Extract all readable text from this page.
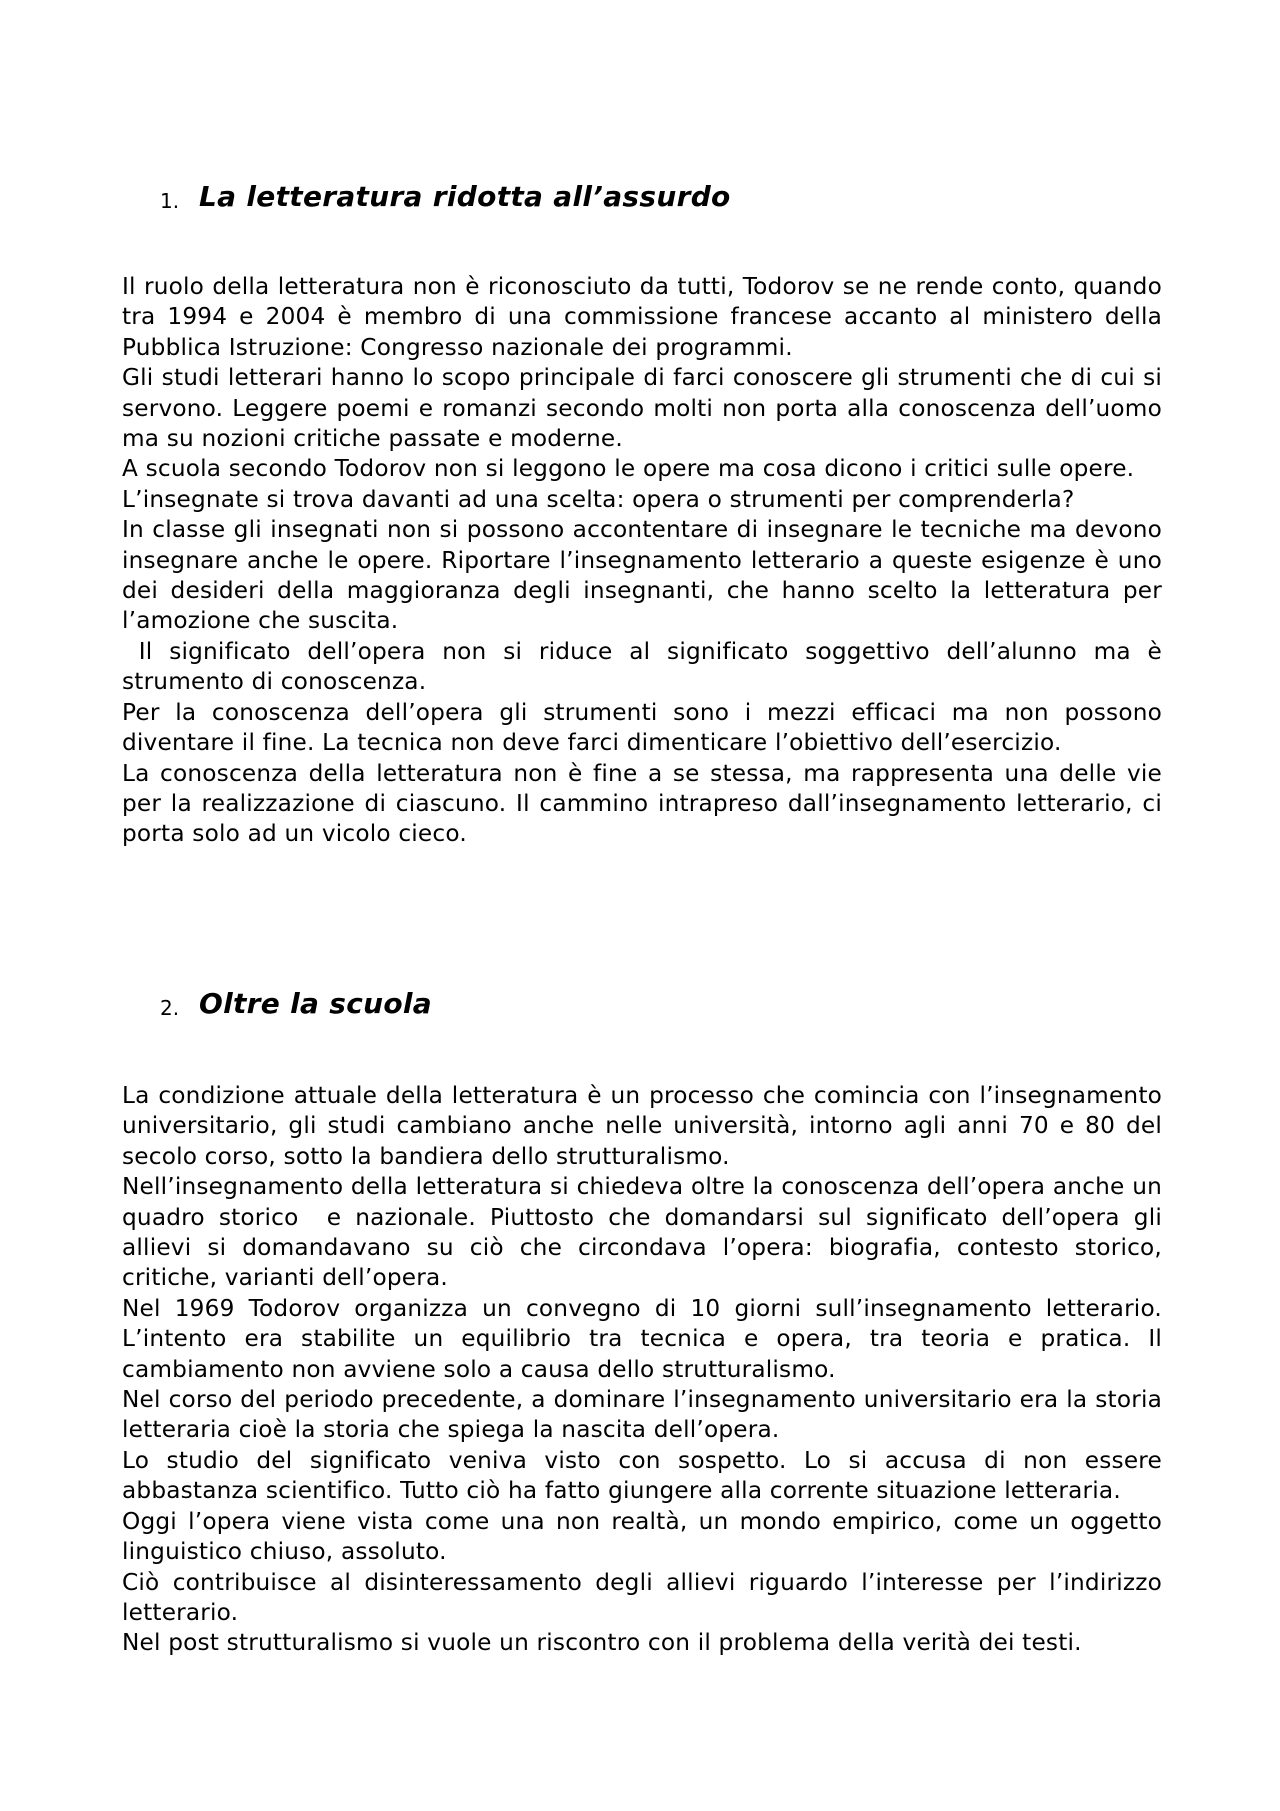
1. La letteratura ridotta all’assurdo

Il ruolo della letteratura non è riconosciuto da tutti, Todorov se ne rende conto, quando tra 1994 e 2004 è membro di una commissione francese accanto al ministero della Pubblica Istruzione: Congresso nazionale dei programmi.

Gli studi letterari hanno lo scopo principale di farci conoscere gli strumenti che di cui si servono. Leggere poemi e romanzi secondo molti non porta alla conoscenza dell’uomo ma su nozioni critiche passate e moderne.

A scuola secondo Todorov non si leggono le opere ma cosa dicono i critici sulle opere.

L’insegnate si trova davanti ad una scelta: opera o strumenti per comprenderla?

In classe gli insegnati non si possono accontentare di insegnare le tecniche ma devono insegnare anche le opere. Riportare l’insegnamento letterario a queste esigenze è uno dei desideri della maggioranza degli insegnanti, che hanno scelto la letteratura per l’amozione che suscita.

Il significato dell’opera non si riduce al significato soggettivo dell’alunno ma è strumento di conoscenza.

Per la conoscenza dell’opera gli strumenti sono i mezzi efficaci ma non possono diventare il fine. La tecnica non deve farci dimenticare l’obiettivo dell’esercizio.

La conoscenza della letteratura non è fine a se stessa, ma rappresenta una delle vie per la realizzazione di ciascuno. Il cammino intrapreso dall’insegnamento letterario, ci porta solo ad un vicolo cieco.

2. Oltre la scuola

La condizione attuale della letteratura è un processo che comincia con l’insegnamento universitario, gli studi cambiano anche nelle università, intorno agli anni 70 e 80 del secolo corso, sotto la bandiera dello strutturalismo.

Nell’insegnamento della letteratura si chiedeva oltre la conoscenza dell’opera anche un quadro storico  e nazionale. Piuttosto che domandarsi sul significato dell’opera gli allievi si domandavano su ciò che circondava l’opera: biografia, contesto storico, critiche, varianti dell’opera.

Nel 1969 Todorov organizza un convegno di 10 giorni sull’insegnamento letterario. L’intento era stabilite un equilibrio tra tecnica e opera, tra teoria e pratica. Il cambiamento non avviene solo a causa dello strutturalismo.

Nel corso del periodo precedente, a dominare l’insegnamento universitario era la storia letteraria cioè la storia che spiega la nascita dell’opera.

Lo studio del significato veniva visto con sospetto. Lo si accusa di non essere abbastanza scientifico. Tutto ciò ha fatto giungere alla corrente situazione letteraria.

Oggi l’opera viene vista come una non realtà, un mondo empirico, come un oggetto linguistico chiuso, assoluto.

Ciò contribuisce al disinteressamento degli allievi riguardo l’interesse per l’indirizzo letterario.

Nel post strutturalismo si vuole un riscontro con il problema della verità dei testi.
